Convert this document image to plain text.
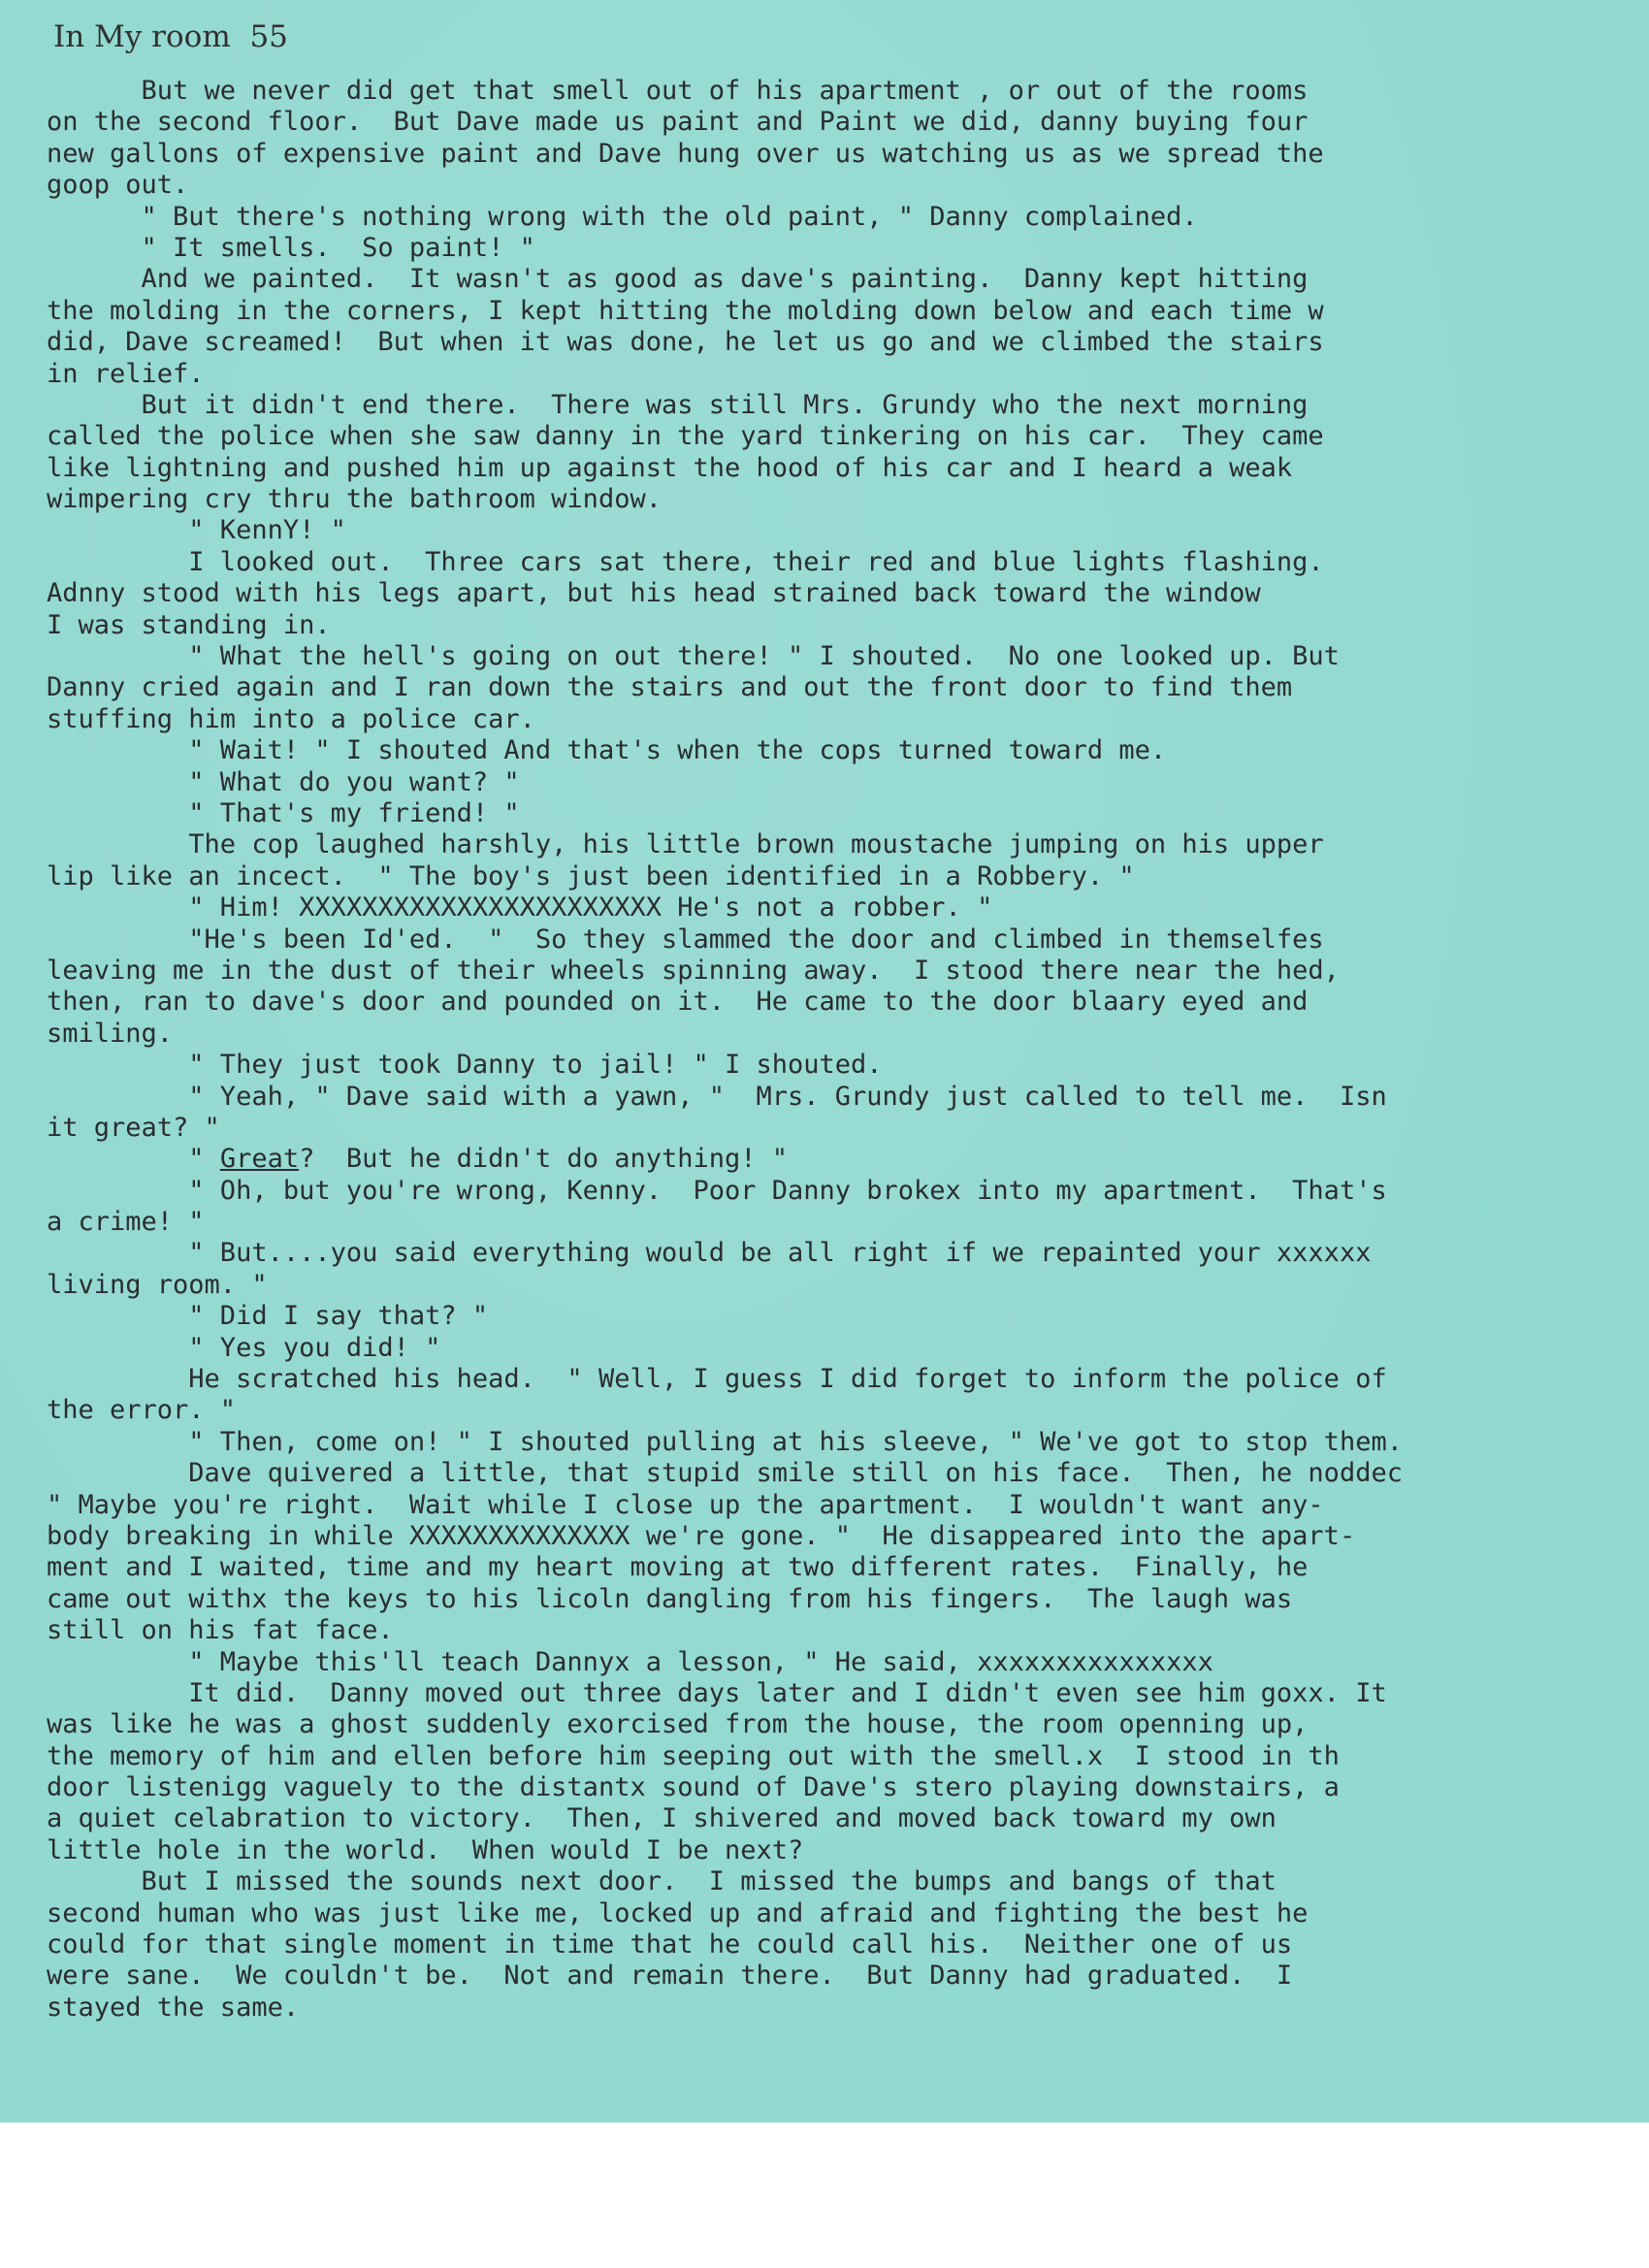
In My room 55
But we never did get that smell out of his apartment , or out of the rooms
on the second floor.  But Dave made us paint and Paint we did, danny buying four
new gallons of expensive paint and Dave hung over us watching us as we spread the
goop out.
" But there's nothing wrong with the old paint, " Danny complained.
" It smells.  So paint! "
And we painted.  It wasn't as good as dave's painting.  Danny kept hitting
the molding in the corners, I kept hitting the molding down below and each time w
did, Dave screamed!  But when it was done, he let us go and we climbed the stairs
in relief.
But it didn't end there.  There was still Mrs. Grundy who the next morning
called the police when she saw danny in the yard tinkering on his car.  They came
like lightning and pushed him up against the hood of his car and I heard a weak
wimpering cry thru the bathroom window.
" KennY! "
I looked out.  Three cars sat there, their red and blue lights flashing.
Adnny stood with his legs apart, but his head strained back toward the window
I was standing in.
" What the hell's going on out there! " I shouted.  No one looked up. But
Danny cried again and I ran down the stairs and out the front door to find them
stuffing him into a police car.
" Wait! " I shouted And that's when the cops turned toward me.
" What do you want? "
" That's my friend! "
The cop laughed harshly, his little brown moustache jumping on his upper
lip like an incect.  " The boy's just been identified in a Robbery. "
" Him! XXXXXXXXXXXXXXXXXXXXXXX He's not a robber. "
"He's been Id'ed.  "  So they slammed the door and climbed in themselfes
leaving me in the dust of their wheels spinning away.  I stood there near the hed,
then, ran to dave's door and pounded on it.  He came to the door blaary eyed and
smiling.
" They just took Danny to jail! " I shouted.
" Yeah, " Dave said with a yawn, "  Mrs. Grundy just called to tell me.  Isn
it great? "
" Great?  But he didn't do anything! "
" Oh, but you're wrong, Kenny.  Poor Danny brokex into my apartment.  That's
a crime! "
" But....you said everything would be all right if we repainted your xxxxxx
living room. "
" Did I say that? "
" Yes you did! "
He scratched his head.  " Well, I guess I did forget to inform the police of
the error. "
" Then, come on! " I shouted pulling at his sleeve, " We've got to stop them.
Dave quivered a little, that stupid smile still on his face.  Then, he noddec
" Maybe you're right.  Wait while I close up the apartment.  I wouldn't want any-
body breaking in while XXXXXXXXXXXXXX we're gone. "  He disappeared into the apart-
ment and I waited, time and my heart moving at two different rates.  Finally, he
came out withx the keys to his licoln dangling from his fingers.  The laugh was
still on his fat face.
" Maybe this'll teach Dannyx a lesson, " He said, xxxxxxxxxxxxxxx
It did.  Danny moved out three days later and I didn't even see him goxx. It
was like he was a ghost suddenly exorcised from the house, the room openning up,
the memory of him and ellen before him seeping out with the smell.x  I stood in th
door listenigg vaguely to the distantx sound of Dave's stero playing downstairs, a
a quiet celabration to victory.  Then, I shivered and moved back toward my own
little hole in the world.  When would I be next?
But I missed the sounds next door.  I missed the bumps and bangs of that
second human who was just like me, locked up and afraid and fighting the best he
could for that single moment in time that he could call his.  Neither one of us
were sane.  We couldn't be.  Not and remain there.  But Danny had graduated.  I
stayed the same.
